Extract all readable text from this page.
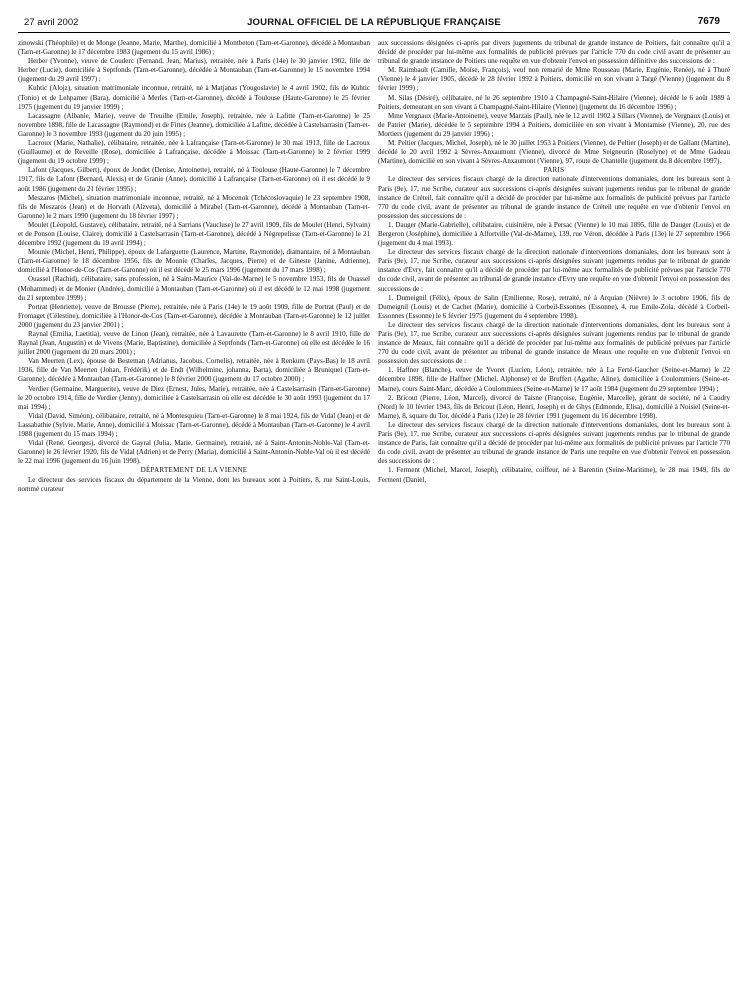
27 avril 2002	JOURNAL OFFICIEL DE LA RÉPUBLIQUE FRANÇAISE	7679

zinowski (Théophile) et de Monge (Jeanne, Marie, Marthe), domicilié à Montbeton (Tarn-et-Garonne), décédé à Montauban (Tarn-et-Garonne) le 17 décembre 1983 (jugement du 15 avril 1986) ;

Herber (Yvonne), veuve de Couderc (Fernand, Jean, Marius), retraitée, née à Paris (14e) le 30 janvier 1902, fille de Herber (Lucie), domiciliée à Septfonds (Tarn-et-Garonne), décédée à Montauban (Tarn-et-Garonne) le 15 novembre 1994 (jugement du 29 avril 1997) ;

Kuhtic (Alojz), situation matrimoniale inconnue, retraité, né à Matjanas (Yougoslavie) le 4 avril 1902, fils de Kuhtic (Tonio) et de Lehpamer (Bara), domicilié à Merles (Tarn-et-Garonne), décédé à Toulouse (Haute-Garonne) le 25 février 1975 (jugement du 19 janvier 1999) ;

Lacassagne (Albanie, Marie), veuve de Treuilhe (Emile, Joseph), retraitée, née à Lafitte (Tarn-et-Garonne) le 25 novembre 1898, fille de Lacassagne (Raymond) et de Fittes (Jeanne), domiciliée à Lafitte, décédée à Castelsarrasin (Tarn-et-Garonne) le 3 novembre 1993 (jugement du 20 juin 1995) ;

Lacroux (Marie, Nathalie), célibataire, retraitée, née à Lafrançaise (Tarn-et-Garonne) le 30 mai 1913, fille de Lacroux (Guillaume) et de Reveille (Rose), domiciliée à Lafrançaise, décédée à Moissac (Tarn-et-Garonne) le 2 février 1999 (jugement du 19 octobre 1999) ;

Lafont (Jacques, Gilbert), époux de Jondet (Denise, Antoinette), retraité, né à Toulouse (Haute-Garonne) le 7 décembre 1917, fils de Lafont (Bernard, Alexis) et de Granie (Anne), domicilié à Lafrançaise (Tarn-et-Garonne) où il est décédé le 9 août 1986 (jugement du 21 février 1995) ;

Meszaros (Michel), situation matrimoniale inconnue, retraité, né à Mocenok (Tchécoslovaquie) le 23 septembre 1908, fils de Meszaros (Jean) et de Horvath (Alzveta), domicilié à Mirabel (Tarn-et-Garonne), décédé à Montauban (Tarn-et-Garonne) le 2 mars 1990 (jugement du 18 février 1997) ;

Moulet (Léopold, Gustave), célibataire, retraité, né à Sarrians (Vaucluse) le 27 avril 1909, fils de Moulet (Henri, Sylvain) et de Ponson (Louise, Claire), domicilié à Castelsarrasin (Tarn-et-Garonne), décédé à Nègrepelisse (Tarn-et-Garonne) le 21 décembre 1992 (jugement du 19 avril 1994) ;

Mounie (Michel, Henri, Philippe), époux de Lafarguette (Laurence, Martine, Raymonde), diamantaire, né à Montauban (Tarn-et-Garonne) le 18 décembre 1956, fils de Mounie (Charles, Jacques, Pierre) et de Gineste (Janine, Adrienne), domicilié à l'Honor-de-Cos (Tarn-et-Garonne) où il est décédé le 25 mars 1996 (jugement du 17 mars 1998) ;

Ouassel (Rachid), célibataire, sans profession, né à Saint-Maurice (Val-de-Marne) le 5 novembre 1953, fils de Ouassel (Mohammed) et de Monier (Andrée), domicilié à Montauban (Tarn-et-Garonne) où il est décédé le 12 mai 1998 (jugement du 21 septembre 1999) ;

Portrat (Henriette), veuve de Brousse (Pierre), retraitée, née à Paris (14e) le 19 août 1909, fille de Portrat (Paul) et de Fromaget (Célestine), domiciliée à l'Honor-de-Cos (Tarn-et-Garonne), décédée à Montauban (Tarn-et-Garonne) le 12 juillet 2000 (jugement du 23 janvier 2001) ;

Raynal (Emilia, Laetitia), veuve de Linon (Jean), retraitée, née à Lavaurette (Tarn-et-Garonne) le 8 avril 1910, fille de Raynal (Jean, Augustin) et de Vivens (Marie, Baptistine), domiciliée à Septfonds (Tarn-et-Garonne) où elle est décédée le 16 juillet 2000 (jugement du 20 mars 2001) ;

Van Meerten (Lex), épouse de Besteman (Adrianus, Jacobus, Cornelis), retraitée, née à Renkum (Pays-Bas) le 18 avril 1936, fille de Van Meerten (Johan, Frédérik) et de Endt (Wilhelmine, johanna, Barta), domiciliée à Bruniquel (Tarn-et-Garonne), décédée à Montauban (Tarn-et-Garonne) le 8 février 2000 (jugement du 17 octobre 2000) ;

Verdier (Germaine, Marguerite), veuve de Diez (Ernest, Jules, Marie), retraitée, née à Castelsarrasin (Tarn-et-Garonne) le 20 octobre 1914, fille de Verdier (Jenny), domiciliée à Castelsarrasin où elle est décédée le 30 août 1993 (jugement du 17 mai 1994) ;

Vidal (David, Siméon), célibataire, retraité, né à Montesquieu (Tarn-et-Garonne) le 8 mai 1924, fils de Vidal (Jean) et de Lassabathie (Sylvie, Marie, Anne), domicilié à Moissac (Tarn-et-Garonne), décédé à Montauban (Tarn-et-Garonne) le 4 avril 1988 (jugement du 15 mars 1994) ;

Vidal (René, Georges), divorcé de Gayral (Julia, Marie, Germaine), retraité, né à Saint-Antonin-Noble-Val (Tarn-et-Garonne) le 26 février 1920, fils de Vidal (Adrien) et de Perry (Maria), domicilié à Saint-Antonin-Noble-Val où il est décédé le 22 mai 1996 (jugement du 16 juin 1998).

DÉPARTEMENT DE LA VIENNE

Le directeur des services fiscaux du département de la Vienne, dont les bureaux sont à Poitiers, 8, rue Saint-Louis, nommé curateur

aux successions désignées ci-après par divers jugements du tribunal de grande instance de Poitiers, fait connaître qu'il a décidé de procéder par lui-même aux formalités de publicité prévues par l'article 770 du code civil avant de présenter au tribunal de grande instance de Poitiers une requête en vue d'obtenir l'envoi en possession définitive des successions de :

M. Raimbault (Camille, Moïse, François), veuf non remarié de Mme Rousseau (Marie, Eugénie, Renée), né à Thuré (Vienne) le 4 janvier 1905, décédé le 28 février 1992 à Poitiers, domicilié en son vivant à Targé (Vienne) (jugement du 8 février 1999) ;

M. Silas (Désiré), célibataire, né le 26 septembre 1910 à Champagné-Saint-Hilaire (Vienne), décédé le 6 août 1989 à Poitiers, demeurant en son vivant à Champagné-Saint-Hilaire (Vienne) (jugement du 16 décembre 1996) ;

Mme Vergnaux (Marie-Antoinette), veuve Marzais (Paul), née le 12 avril 1902 à Sillars (Vienne), de Vergnaux (Louis) et de Patrier (Marie), décédée le 5 septembre 1994 à Poitiers, domiciliée en son vivant à Montamise (Vienne), 20, rue des Mortiers (jugement du 29 janvier 1996) ;

M. Peltier (Jacques, Michel, Joseph), né le 30 juillet 1953 à Poitiers (Vienne), de Peltier (Joseph) et de Gallant (Martine), décédé le 20 avril 1992 à Sèvres-Anxaumont (Vienne), divorcé de Mme Seigneurin (Roselyne) et de Mme Gadeau (Martine), domicilié en son vivant à Sèvres-Anxaumont (Vienne), 97, route de Chantelle (jugement du 8 décembre 1997).

PARIS

Le directeur des services fiscaux chargé de la direction nationale d'interventions domaniales, dont les bureaux sont à Paris (9e), 17, rue Scribe, curateur aux successions ci-après désignées suivant jugements rendus par le tribunal de grande instance de Créteil, fait connaître qu'il a décidé de procéder par lui-même aux formalités de publicité prévues par l'article 770 du code civil, avant de présenter au tribunal de grande instance de Créteil une requête en vue d'obtenir l'envoi en possession des successions de :

1. Dauger (Marie-Gabrielle), célibataire, cuisinière, née à Persac (Vienne) le 10 mai 1895, fille de Dauger (Louis) et de Bergeron (Joséphine), domiciliée à Alfortville (Val-de-Marne), 139, rue Véron, décédée à Paris (13e) le 27 septembre 1966 (jugement du 4 mai 1993).

Le directeur des services fiscaux chargé de la direction nationale d'interventions domaniales, dont les bureaux sont à Paris (9e), 17, rue Scribe, curateur aux successions ci-après désignées suivant jugements rendus par le tribunal de grande instance d'Evry, fait connaître qu'il a décidé de procéder par lui-même aux formalités de publicité prévues par l'article 770 du code civil, avant de présenter au tribunal de grande instance d'Evry une requête en vue d'obtenir l'envoi en possession des successions de :

1. Dumeignil (Félix), époux de Salin (Emilienne, Rose), retraité, né à Arquian (Nièvre) le 3 octobre 1906, fils de Dumeignil (Louis) et de Cachet (Marie), domicilié à Corbeil-Essonnes (Essonne), 4, rue Emile-Zola, décédé à Corbeil-Essonnes (Essonne) le 6 février 1975 (jugement du 4 septembre 1998).

Le directeur des services fiscaux chargé de la direction nationale d'interventions domaniales, dont les bureaux sont à Paris (9e), 17, rue Scribe, curateur aux successions ci-après désignées suivant jugements rendus par le tribunal de grande instance de Meaux, fait connaître qu'il a décidé de procéder par lui-même aux formalités de publicité prévues par l'article 770 du code civil, avant de présenter au tribunal de grande instance de Meaux une requête en vue d'obtenir l'envoi en possession des successions de :

1. Haffner (Blanche), veuve de Yvoret (Lucien, Léon), retraitée, née à La Ferté-Gaucher (Seine-et-Marne) le 22 décembre 1898, fille de Haffner (Michel, Alphonse) et de Bruffert (Agathe, Aline), domiciliée à Coulommiers (Seine-et-Marne), cours Saint-Marc, décédée à Coulommiers (Seine-et-Marne) le 17 août 1984 (jugement du 29 septembre 1994) ;

2. Bricout (Pierre, Léon, Marcel), divorcé de Taisne (Françoise, Eugénie, Marcelle), gérant de société, né à Caudry (Nord) le 10 février 1943, fils de Bricout (Léon, Henri, Joseph) et de Ghys (Edmonde, Elisa), domicilié à Noisiel (Seine-et-Marne), 8, square du Tor, décédé à Paris (12e) le 28 février 1991 (jugement du 16 décembre 1998).

Le directeur des services fiscaux chargé de la direction nationale d'interventions domaniales, dont les bureaux sont à Paris (9e), 17, rue Scribe, curateur aux successions ci-après désignées suivant jugements rendus par le tribunal de grande instance de Paris, fait connaître qu'il a décidé de procéder par lui-même aux formalités de publicité prévues par l'article 770 du code civil, avant de présenter au tribunal de grande instance de Paris une requête en vue d'obtenir l'envoi en possession des successions de :

1. Ferment (Michel, Marcel, Joseph), célibataire, coiffeur, né à Barentin (Seine-Maritime), le 28 mai 1949, fils de Ferment (Daniel,
